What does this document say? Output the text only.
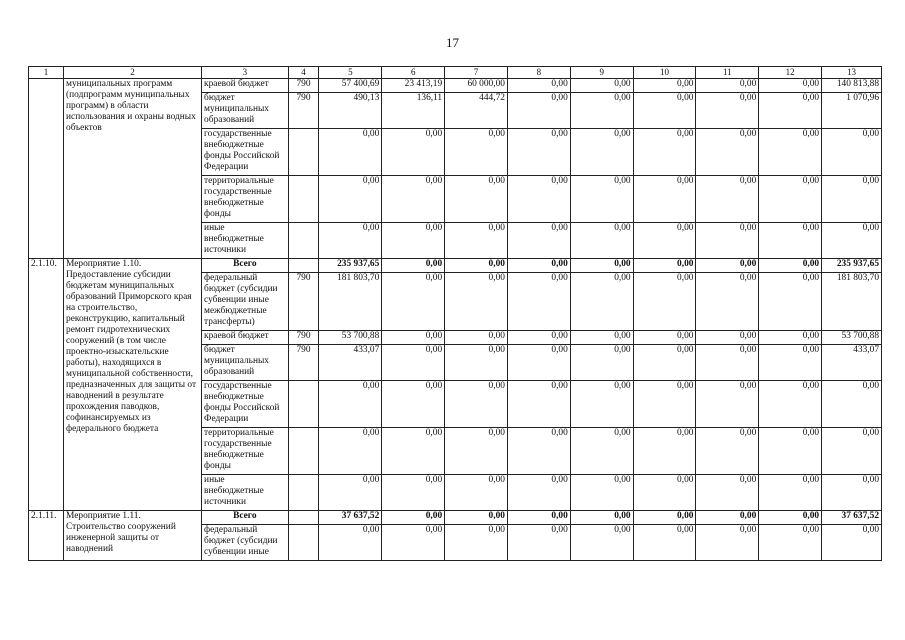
17
1	2	3	4	5	6	7	8	9	10	11	12	13
	муниципальных программ (подпрограмм муниципальных программ) в области использования и охраны водных объектов	краевой бюджет	790	57 400,69	23 413,19	60 000,00	0,00	0,00	0,00	0,00	0,00	140 813,88
		бюджет муниципальных образований	790	490,13	136,11	444,72	0,00	0,00	0,00	0,00	0,00	1 070,96
		государственные внебюджетные фонды Российской Федерации		0,00	0,00	0,00	0,00	0,00	0,00	0,00	0,00	0,00
		территориальные государственные внебюджетные фонды		0,00	0,00	0,00	0,00	0,00	0,00	0,00	0,00	0,00
		иные внебюджетные источники		0,00	0,00	0,00	0,00	0,00	0,00	0,00	0,00	0,00
2.1.10.	Мероприятие 1.10. Предоставление субсидии бюджетам муниципальных образований Приморского края на строительство, реконструкцию, капитальный ремонт гидротехнических сооружений (в том числе проектно-изыскательские работы), находящихся в муниципальной собственности, предназначенных для защиты от наводнений в результате прохождения паводков, софинансируемых из федерального бюджета	Всего		235 937,65	0,00	0,00	0,00	0,00	0,00	0,00	0,00	235 937,65
		федеральный бюджет (субсидии субвенции иные межбюджетные трансферты)	790	181 803,70	0,00	0,00	0,00	0,00	0,00	0,00	0,00	181 803,70
		краевой бюджет	790	53 700,88	0,00	0,00	0,00	0,00	0,00	0,00	0,00	53 700,88
		бюджет муниципальных образований	790	433,07	0,00	0,00	0,00	0,00	0,00	0,00	0,00	433,07
		государственные внебюджетные фонды Российской Федерации		0,00	0,00	0,00	0,00	0,00	0,00	0,00	0,00	0,00
		территориальные государственные внебюджетные фонды		0,00	0,00	0,00	0,00	0,00	0,00	0,00	0,00	0,00
		иные внебюджетные источники		0,00	0,00	0,00	0,00	0,00	0,00	0,00	0,00	0,00
2.1.11.	Мероприятие 1.11. Строительство сооружений инженерной защиты от наводнений	Всего		37 637,52	0,00	0,00	0,00	0,00	0,00	0,00	0,00	37 637,52
		федеральный бюджет (субсидии субвенции иные		0,00	0,00	0,00	0,00	0,00	0,00	0,00	0,00	0,00
